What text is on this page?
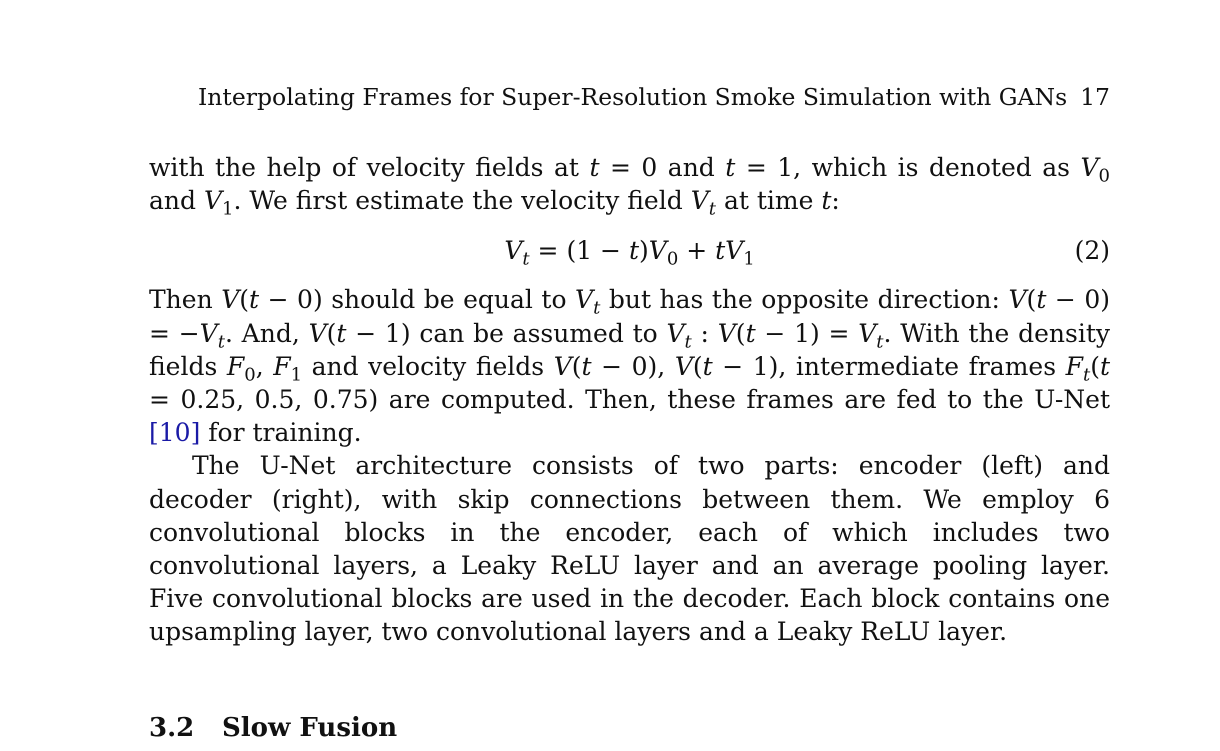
Interpolating Frames for Super-Resolution Smoke Simulation with GANs 17

with the help of velocity fields at t = 0 and t = 1, which is denoted as $V_0$ and $V_1$. We first estimate the velocity field $V_t$ at time t:

$V_t = (1 - t)V_0 + tV_1$	(2)

Then V(t − 0) should be equal to $V_t$ but has the opposite direction: $V(t - 0) = -V_t$. And, V(t − 1) can be assumed to $V_t$ : $V(t - 1) = V_t$. With the density fields $F_0$, $F_1$ and velocity fields V(t − 0), V(t − 1), intermediate frames $F_t(t = 0.25$, 0.5, 0.75) are computed. Then, these frames are fed to the U-Net [10] for training.

The U-Net architecture consists of two parts: encoder (left) and decoder (right), with skip connections between them. We employ 6 convolutional blocks in the encoder, each of which includes two convolutional layers, a Leaky ReLU layer and an average pooling layer. Five convolutional blocks are used in the decoder. Each block contains one upsampling layer, two convolutional layers and a Leaky ReLU layer.

3.2 Slow Fusion
